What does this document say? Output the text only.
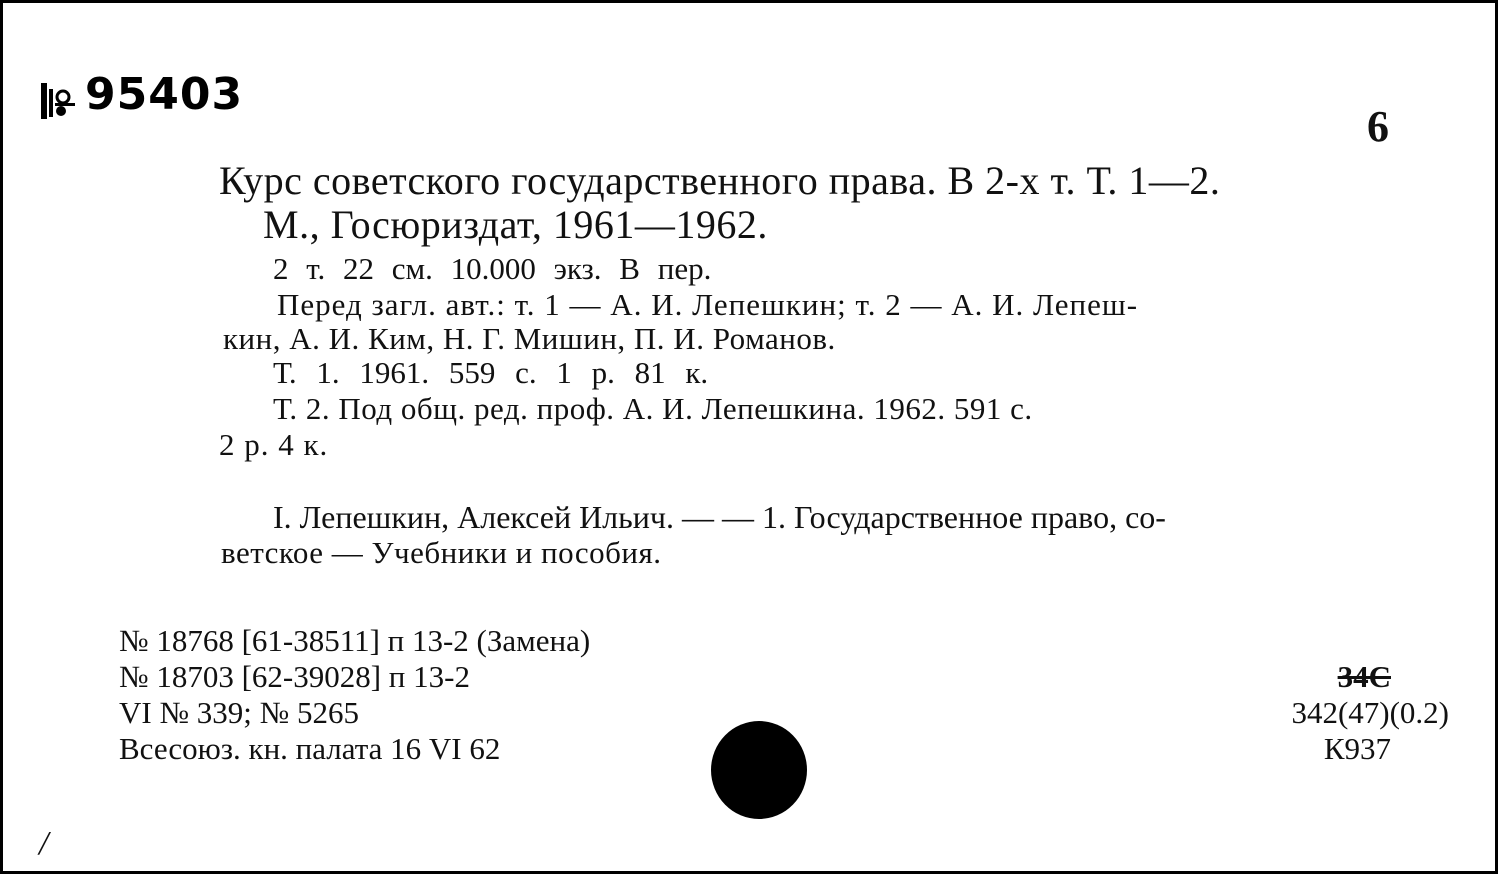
95403
6
Курс советского государственного права. В 2-х т. Т. 1—2.
М., Госюриздат, 1961—1962.
2 т. 22 см. 10.000 экз. В пер.
Перед загл. авт.: т. 1 — А. И. Лепешкин; т. 2 — А. И. Лепеш-
кин, А. И. Ким, Н. Г. Мишин, П. И. Романов.
Т. 1. 1961. 559 с. 1 р. 81 к.
Т. 2. Под общ. ред. проф. А. И. Лепешкина. 1962. 591 с.
2 р. 4 к.
I. Лепешкин, Алексей Ильич. — — 1. Государственное право, со-
ветское — Учебники и пособия.
№ 18768 [61-38511] п 13-2 (Замена)
№ 18703 [62-39028] п 13-2
VI № 339; № 5265
Всесоюз. кн. палата 16 VI 62
34С
342(47)(0.2)
К937
/
